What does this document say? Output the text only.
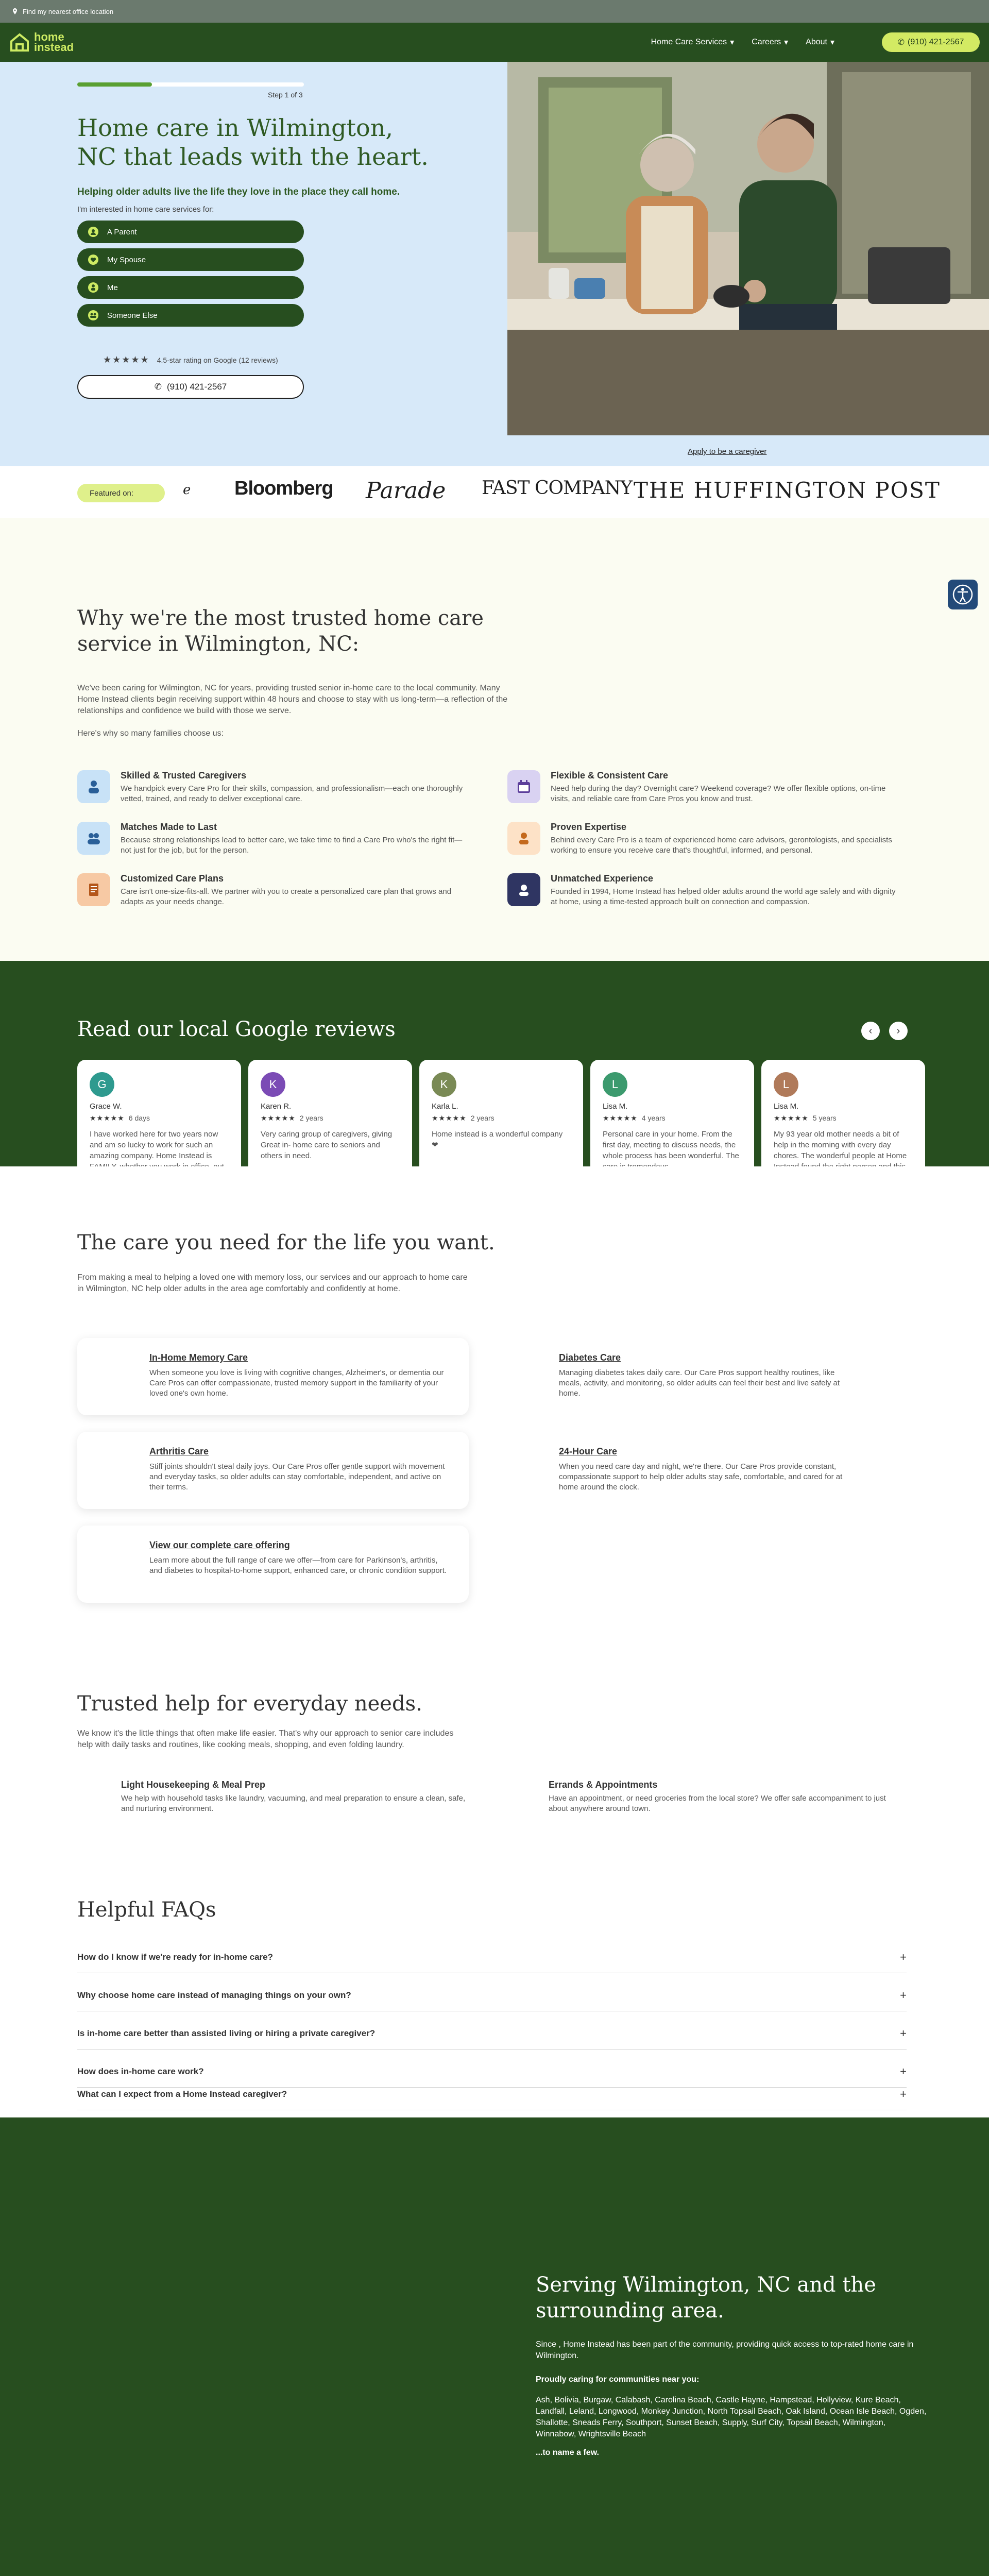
Find my nearest office location
home
instead	Home Care Services ▾ Careers ▾ About ▾	✆ (910) 421-2567
Step 1 of 3
Home care in Wilmington, NC that leads with the heart.
Helping older adults live the life they love in the place they call home.
I'm interested in home care services for:
A Parent
My Spouse
Me
Someone Else
★★★★★ 4.5-star rating on Google (12 reviews)
✆ (910) 421-2567
Apply to be a caregiver
Featured on:	ℯ Bloomberg Parade FAST COMPANY THE HUFFINGTON POST
Why we're the most trusted home care service in Wilmington, NC:
We've been caring for Wilmington, NC for years, providing trusted senior in-home care to the local community. Many Home Instead clients begin receiving support within 48 hours and choose to stay with us long-term—a reflection of the relationships and confidence we build with those we serve.
Here's why so many families choose us:
Skilled & Trusted Caregivers
We handpick every Care Pro for their skills, compassion, and professionalism—each one thoroughly vetted, trained, and ready to deliver exceptional care.
Flexible & Consistent Care
Need help during the day? Overnight care? Weekend coverage? We offer flexible options, on-time visits, and reliable care from Care Pros you know and trust.
Matches Made to Last
Because strong relationships lead to better care, we take time to find a Care Pro who's the right fit—not just for the job, but for the person.
Proven Expertise
Behind every Care Pro is a team of experienced home care advisors, gerontologists, and specialists working to ensure you receive care that's thoughtful, informed, and personal.
Customized Care Plans
Care isn't one-size-fits-all. We partner with you to create a personalized care plan that grows and adapts as your needs change.
Unmatched Experience
Founded in 1994, Home Instead has helped older adults around the world age safely and with dignity at home, using a time-tested approach built on connection and compassion.
Read our local Google reviews	‹	›
G
Grace W.
★★★★★ 6 days
I have worked here for two years now and am so lucky to work for such an amazing company. Home Instead is
K
Karen R.
★★★★★ 2 years
Very caring group of caregivers, giving Great in- home care to seniors and others in need.
K
Karla L.
★★★★★ 2 years
Home instead is a wonderful company ❤
L
Lisa M.
★★★★★ 4 years
Personal care in your home. From the first day, meeting to discuss needs, the whole process has been wonderful. The
L
Lisa M.
★★★★★ 5 years
My 93 year old mother needs a bit of help in the morning with every day chores. The wonderful people at Home
The care you need for the life you want.
From making a meal to helping a loved one with memory loss, our services and our approach to home care in Wilmington, NC help older adults in the area age comfortably and confidently at home.
In-Home Memory Care
When someone you love is living with cognitive changes, Alzheimer's, or dementia our Care Pros can offer compassionate, trusted memory support in the familiarity of your loved one's own home.
Diabetes Care
Managing diabetes takes daily care. Our Care Pros support healthy routines, like meals, activity, and monitoring, so older adults can feel their best and live safely at home.
Arthritis Care
Stiff joints shouldn't steal daily joys. Our Care Pros offer gentle support with movement and everyday tasks, so older adults can stay comfortable, independent, and active on their terms.
24-Hour Care
When you need care day and night, we're there. Our Care Pros provide constant, compassionate support to help older adults stay safe, comfortable, and cared for at home around the clock.
View our complete care offering
Learn more about the full range of care we offer—from care for Parkinson's, arthritis, and diabetes to hospital-to-home support, enhanced care, or chronic condition support.
Trusted help for everyday needs.
We know it's the little things that often make life easier. That's why our approach to senior care includes help with daily tasks and routines, like cooking meals, shopping, and even folding laundry.
Light Housekeeping & Meal Prep
We help with household tasks like laundry, vacuuming, and meal preparation to ensure a clean, safe, and nurturing environment.
Errands & Appointments
Have an appointment, or need groceries from the local store? We offer safe accompaniment to just about anywhere around town.
Helpful FAQs
How do I know if we're ready for in-home care?	+
Why choose home care instead of managing things on your own?	+
Is in-home care better than assisted living or hiring a private caregiver?	+
How does in-home care work?	+
What can I expect from a Home Instead caregiver?	+
Serving Wilmington, NC and the surrounding area.
Since , Home Instead has been part of the community, providing quick access to top-rated home care in Wilmington.
Proudly caring for communities near you:
Ash, Bolivia, Burgaw, Calabash, Carolina Beach, Castle Hayne, Hampstead, Hollyview, Kure Beach, Landfall, Leland, Longwood, Monkey Junction, North Topsail Beach, Oak Island, Ocean Isle Beach, Ogden, Shallotte, Sneads Ferry, Southport, Sunset Beach, Supply, Surf City, Topsail Beach, Wilmington, Winnabow, Wrightsville Beach
...to name a few.
